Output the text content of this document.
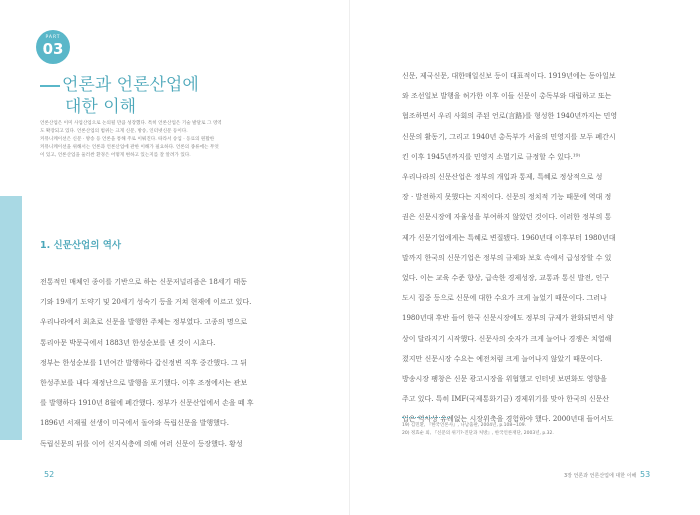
PART
03
언론과 언론산업에
대한 이해

언론산업은 이미 사업산업으로 논의될 만큼 성장했다. 특히 언론산업은 기술 발달로 그 영역

도 확장되고 있다. 언론산업의 범위는 크게 신문, 방송, 인터넷신문 등이다.

커뮤니케이션은 신문 · 방송 등 언론을 통해 주로 이뤄진다. 따라서 송입 · 동료의 원활한

커뮤니케이션을 위해서는 언론과 언론산업에 관한 이해가 필요하다. 언론의 종류에는 무엇

이 있고, 언론산업을 둘러싼 환경은 어떻게 변하고 있는지를 잘 알려가 있다.

1. 신문산업의 역사

전통적인 매체인 종이를 기반으로 하는 신문저널리즘은 18세기 태동

기와 19세기 도약기 및 20세기 성숙기 등을 거쳐 현재에 이르고 있다.

우리나라에서 최초로 신문을 발행한 주체는 정부였다. 고종의 명으로

통리아문 박문국에서 1883년 한성순보를 낸 것이 시초다.

정부는 한성순보를 1년여간 발행하다 갑신정변 직후 중간했다. 그 뒤

한성주보를 내다 재정난으로 발행을 포기했다. 이후 조정에서는 관보

를 발행하다 1910년 8월에 폐간했다. 정부가 신문산업에서 손을 떼 후

1896년 서재필 선생이 미국에서 돌아와 독립신문을 발행했다.

독립신문의 뒤를 이어 신지식층에 의해 여러 신문이 등장했다. 황성

신문, 제국신문, 대한매일신보 등이 대표적이다. 1919년에는 동아일보

와 조선일보 발행을 허가한 이후 이들 신문이 총독부와 대립하고 또는

협조하면서 우리 사회의 주된 언로(言路)를 형성한 1940년까지는 민영

신문의 활동기, 그리고 1940년 총독부가 서울의 민영지를 모두 폐간시

킨 이후 1945년까지를 민영지 소멸기로 규정할 수 있다.¹⁹⁾

우리나라의 신문산업은 정부의 개입과 통제, 특혜로 정상적으로 성

장 · 발전하지 못했다는 지적이다. 신문의 정치적 기능 때문에 역대 정

권은 신문시장에 자율성을 부여하지 않았던 것이다. 이러한 정부의 통

제가 신문기업에게는 특혜로 변질됐다. 1960년대 이후부터 1980년대

말까지 한국의 신문기업은 정부의 규제와 보호 속에서 급성장할 수 있

었다. 이는 교육 수준 향상, 급속한 경제성장, 교통과 통신 발전, 인구

도시 집중 등으로 신문에 대한 수요가 크게 늘었기 때문이다. 그러나

1980년대 후반 들어 한국 신문시장에도 정부의 규제가 완화되면서 양

상이 달라지기 시작했다. 신문사의 숫자가 크게 늘어나 경쟁은 치열해

졌지만 신문시장 수요는 예전처럼 크게 늘어나지 않았기 때문이다.

방송시장 팽창은 신문 광고시장을 위협했고 인터넷 보편화도 영향을

주고 있다. 특히 IMF(국제통화기금) 경제위기를 맞아 한국의 신문산

업은 역사상 유례없는 시장위축을 경험하야 했다. 2000년대 들어서도

19) 김민환, 『한국언론사』, 나남출판, 2004년, p.108~109.

20) 정효순 외, 『신문의 위기?-진단과 처방』, 한국언론재단, 2003년, p.32.

52	3장 언론과 언론산업에 대한 이해 53
